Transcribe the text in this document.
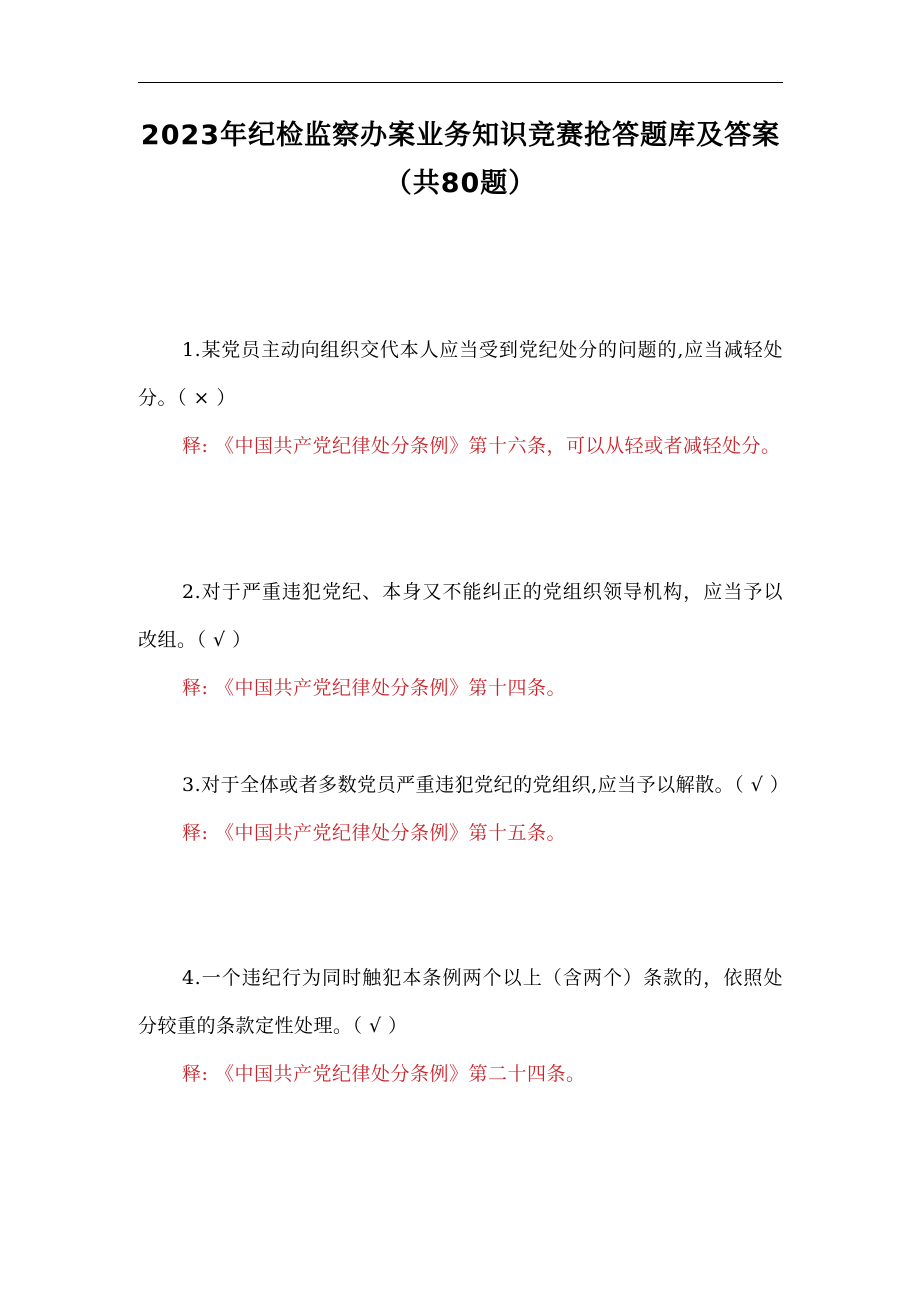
2023年纪检监察办案业务知识竞赛抢答题库及答案（共80题）

1.某党员主动向组织交代本人应当受到党纪处分的问题的,应当减轻处分。（ × ）

释: 《中国共产党纪律处分条例》第十六条，可以从轻或者减轻处分。

2.对于严重违犯党纪、本身又不能纠正的党组织领导机构，应当予以改组。（ √ ）

释: 《中国共产党纪律处分条例》第十四条。

3.对于全体或者多数党员严重违犯党纪的党组织,应当予以解散。（ √ ）

释: 《中国共产党纪律处分条例》第十五条。

4.一个违纪行为同时触犯本条例两个以上（含两个）条款的，依照处分较重的条款定性处理。（ √ ）

释: 《中国共产党纪律处分条例》第二十四条。
